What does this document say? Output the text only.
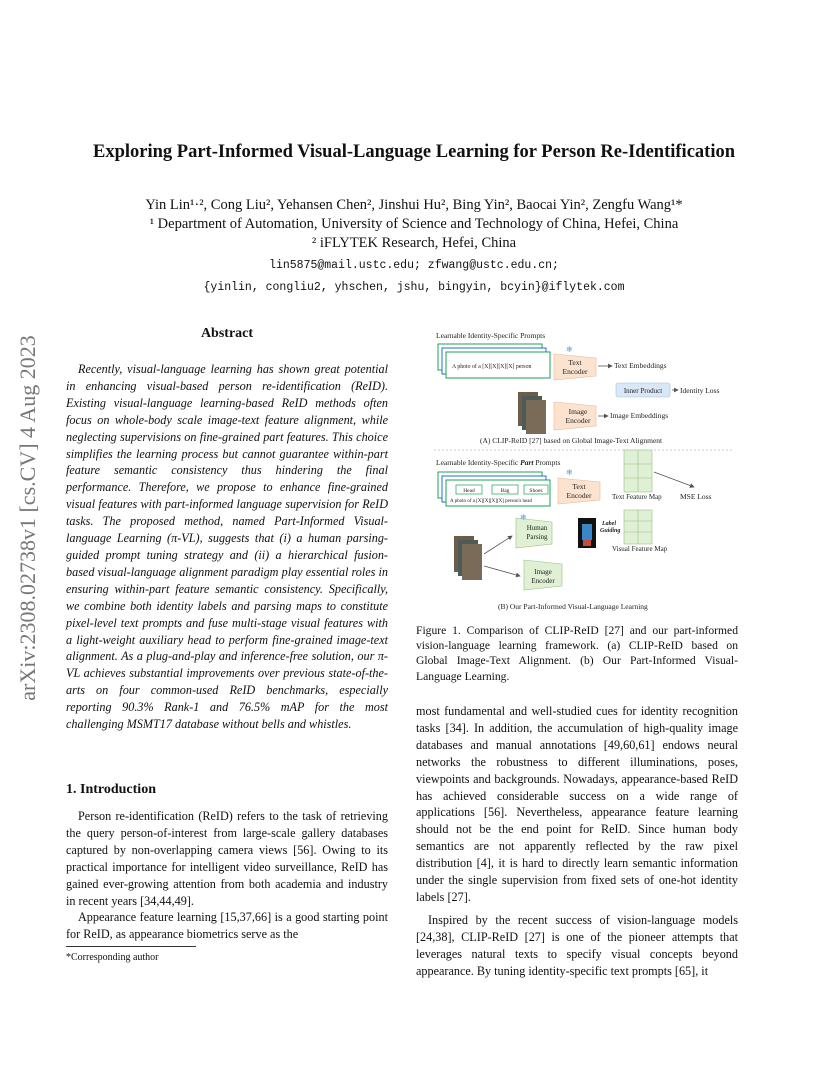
arXiv:2308.02738v1 [cs.CV] 4 Aug 2023
Exploring Part-Informed Visual-Language Learning for Person Re-Identification
Yin Lin¹·², Cong Liu², Yehansen Chen², Jinshui Hu², Bing Yin², Baocai Yin², Zengfu Wang¹*
¹ Department of Automation, University of Science and Technology of China, Hefei, China
² iFLYTEK Research, Hefei, China
lin5875@mail.ustc.edu; zfwang@ustc.edu.cn;
{yinlin, congliu2, yhschen, jshu, bingyin, bcyin}@iflytek.com
Abstract

Recently, visual-language learning has shown great potential in enhancing visual-based person re-identification (ReID). Existing visual-language learning-based ReID methods often focus on whole-body scale image-text feature alignment, while neglecting supervisions on fine-grained part features. This choice simplifies the learning process but cannot guarantee within-part feature semantic consistency thus hindering the final performance. Therefore, we propose to enhance fine-grained visual features with part-informed language supervision for ReID tasks. The proposed method, named Part-Informed Visual-language Learning (π-VL), suggests that (i) a human parsing-guided prompt tuning strategy and (ii) a hierarchical fusion-based visual-language alignment paradigm play essential roles in ensuring within-part feature semantic consistency. Specifically, we combine both identity labels and parsing maps to constitute pixel-level text prompts and fuse multi-stage visual features with a light-weight auxiliary head to perform fine-grained image-text alignment. As a plug-and-play and inference-free solution, our π-VL achieves substantial improvements over previous state-of-the-arts on four common-used ReID benchmarks, especially reporting 90.3% Rank-1 and 76.5% mAP for the most challenging MSMT17 database without bells and whistles.

1. Introduction

Person re-identification (ReID) refers to the task of retrieving the query person-of-interest from large-scale gallery databases captured by non-overlapping camera views [56]. Owing to its practical importance for intelligent video surveillance, ReID has gained ever-growing attention from both academia and industry in recent years [34,44,49].

Appearance feature learning [15,37,66] is a good starting point for ReID, as appearance biometrics serve as the

*Corresponding author
Learnable Identity-Specific Prompts
A photo of a [X][X][X][X] person	Text Encoder
❄
Text Embeddings
Inner Product Identity Loss
Image Encoder
Image Embeddings
(A) CLIP-ReID [27] based on Global Image-Text Alignment
Learnable Identity-Specific Part Prompts
Head	Bag	Shoes
A photo of a [X][X][X][X] person's head
Text Encoder
❄
Text Feature Map MSE Loss
Human Parsing
❄
Label Guiding
Visual Feature Map
Image Encoder
(B) Our Part-Informed Visual-Language Learning
Figure 1. Comparison of CLIP-ReID [27] and our part-informed vision-language learning framework. (a) CLIP-ReID based on Global Image-Text Alignment. (b) Our Part-Informed Visual-Language Learning.

most fundamental and well-studied cues for identity recognition tasks [34]. In addition, the accumulation of high-quality image databases and manual annotations [49,60,61] endows neural networks the robustness to different illuminations, poses, viewpoints and backgrounds. Nowadays, appearance-based ReID has achieved considerable success on a wide range of applications [56]. Nevertheless, appearance feature learning should not be the end point for ReID. Since human body semantics are not apparently reflected by the raw pixel distribution [4], it is hard to directly learn semantic information under the single supervision from fixed sets of one-hot identity labels [27].

Inspired by the recent success of vision-language models [24,38], CLIP-ReID [27] is one of the pioneer attempts that leverages natural texts to specify visual concepts beyond appearance. By tuning identity-specific text prompts [65], it
